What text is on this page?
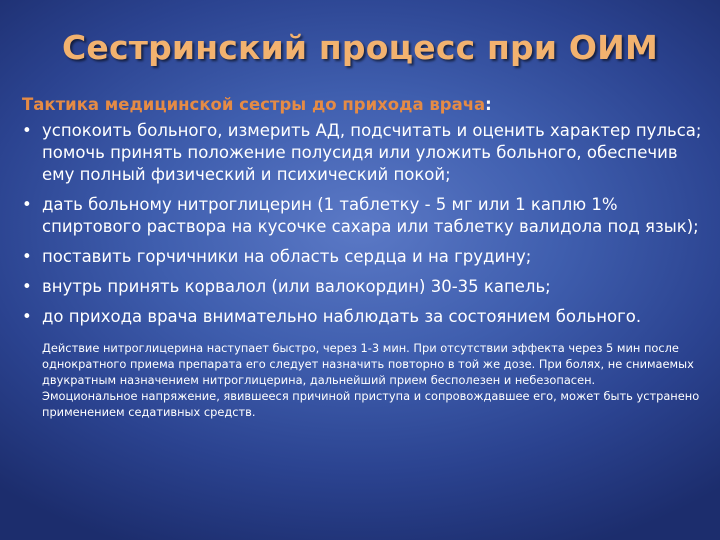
Сестринский процесс при ОИМ
Тактика медицинской сестры до прихода врача:
• успокоить больного, измерить АД, подсчитать и оценить характер пульса;
помочь принять положение полусидя или уложить больного, обеспечив ему полный физический и психический покой;
• дать больному нитроглицерин (1 таблетку - 5 мг или 1 каплю 1% спиртового раствора на кусочке сахара или таблетку валидола под язык);
• поставить горчичники на область сердца и на грудину;
• внутрь принять корвалол (или валокордин) 30-35 капель;
• до прихода врача внимательно наблюдать за состоянием больного.

Действие нитроглицерина наступает быстро, через 1-3 мин. При отсутствии эффекта через 5 мин после однократного приема препарата его следует назначить повторно в той же дозе. При болях, не снимаемых двукратным назначением нитроглицерина, дальнейший прием бесполезен и небезопасен.

Эмоциональное напряжение, явившееся причиной приступа и сопровождавшее его, может быть устранено применением седативных средств.
